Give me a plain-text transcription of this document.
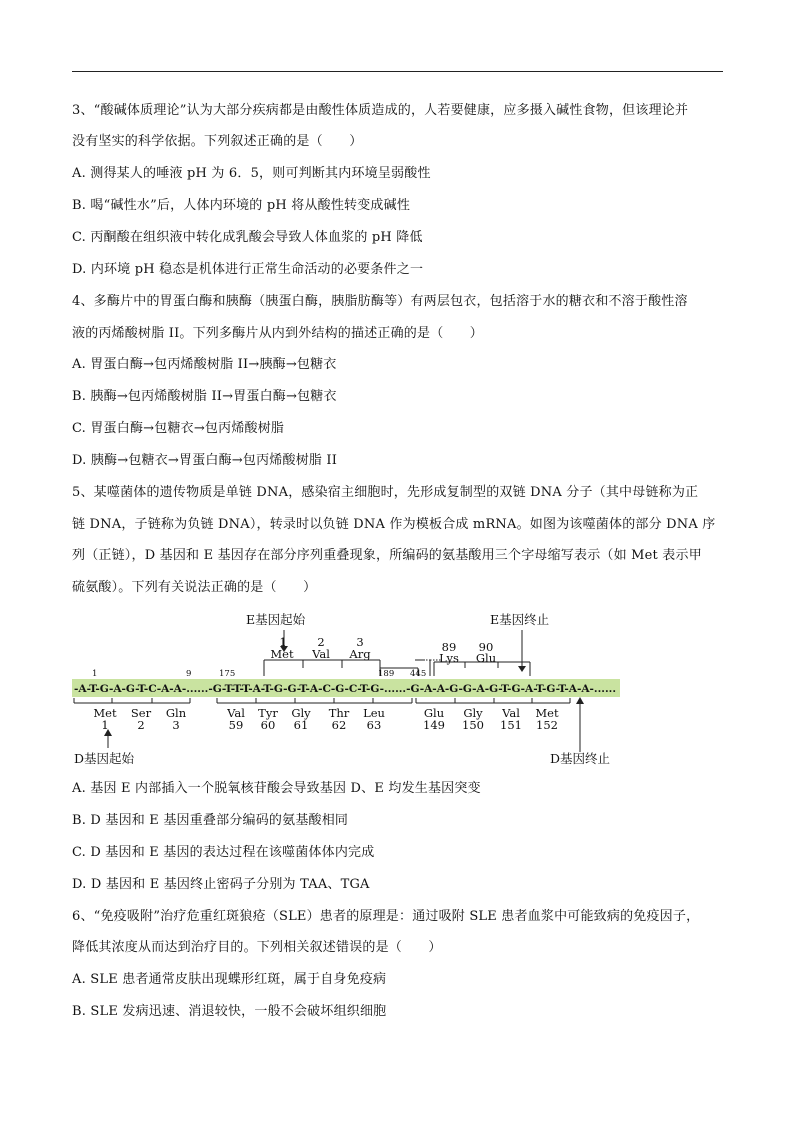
3、“酸碱体质理论”认为大部分疾病都是由酸性体质造成的，人若要健康，应多摄入碱性食物，但该理论并
没有坚实的科学依据。下列叙述正确的是（　　）
A. 测得某人的唾液 pH 为 6．5，则可判断其内环境呈弱酸性
B. 喝“碱性水”后，人体内环境的 pH 将从酸性转变成碱性
C. 丙酮酸在组织液中转化成乳酸会导致人体血浆的 pH 降低
D. 内环境 pH 稳态是机体进行正常生命活动的必要条件之一
4、多酶片中的胃蛋白酶和胰酶（胰蛋白酶，胰脂肪酶等）有两层包衣，包括溶于水的糖衣和不溶于酸性溶
液的丙烯酸树脂 II。下列多酶片从内到外结构的描述正确的是（　　）
A. 胃蛋白酶→包丙烯酸树脂 II→胰酶→包糖衣
B. 胰酶→包丙烯酸树脂 II→胃蛋白酶→包糖衣
C. 胃蛋白酶→包糖衣→包丙烯酸树脂
D. 胰酶→包糖衣→胃蛋白酶→包丙烯酸树脂 II
5、某噬菌体的遗传物质是单链 DNA，感染宿主细胞时，先形成复制型的双链 DNA 分子（其中母链称为正
链 DNA，子链称为负链 DNA），转录时以负链 DNA 作为模板合成 mRNA。如图为该噬菌体的部分 DNA 序
列（正链），D 基因和 E 基因存在部分序列重叠现象，所编码的氨基酸用三个字母缩写表示（如 Met 表示甲
硫氨酸）。下列有关说法正确的是（　　）
-A-T-G-A-G-T-C-A-A-......-G-T-T-T-A-T-G-G-T-A-C-G-C-T-G-......-G-A-A-G-G-A-G-T-G-A-T-G-T-A-A-......
1	9	175	189 445
E基因起始	E基因终止
D基因起始	D基因终止
1
Met
2
Val
3
Arg	89
Lys
90
Glu
Met
1
Ser
2
Gln
3
Val
59
Tyr
60
Gly
61
Thr
62
Leu
63
Glu
149
Gly
150
Val
151
Met
152
A. 基因 E 内部插入一个脱氧核苷酸会导致基因 D、E 均发生基因突变
B. D 基因和 E 基因重叠部分编码的氨基酸相同
C. D 基因和 E 基因的表达过程在该噬菌体体内完成
D. D 基因和 E 基因终止密码子分别为 TAA、TGA
6、“免疫吸附”治疗危重红斑狼疮（SLE）患者的原理是：通过吸附 SLE 患者血浆中可能致病的免疫因子，
降低其浓度从而达到治疗目的。下列相关叙述错误的是（　　）
A. SLE 患者通常皮肤出现蝶形红斑，属于自身免疫病
B. SLE 发病迅速、消退较快，一般不会破坏组织细胞
